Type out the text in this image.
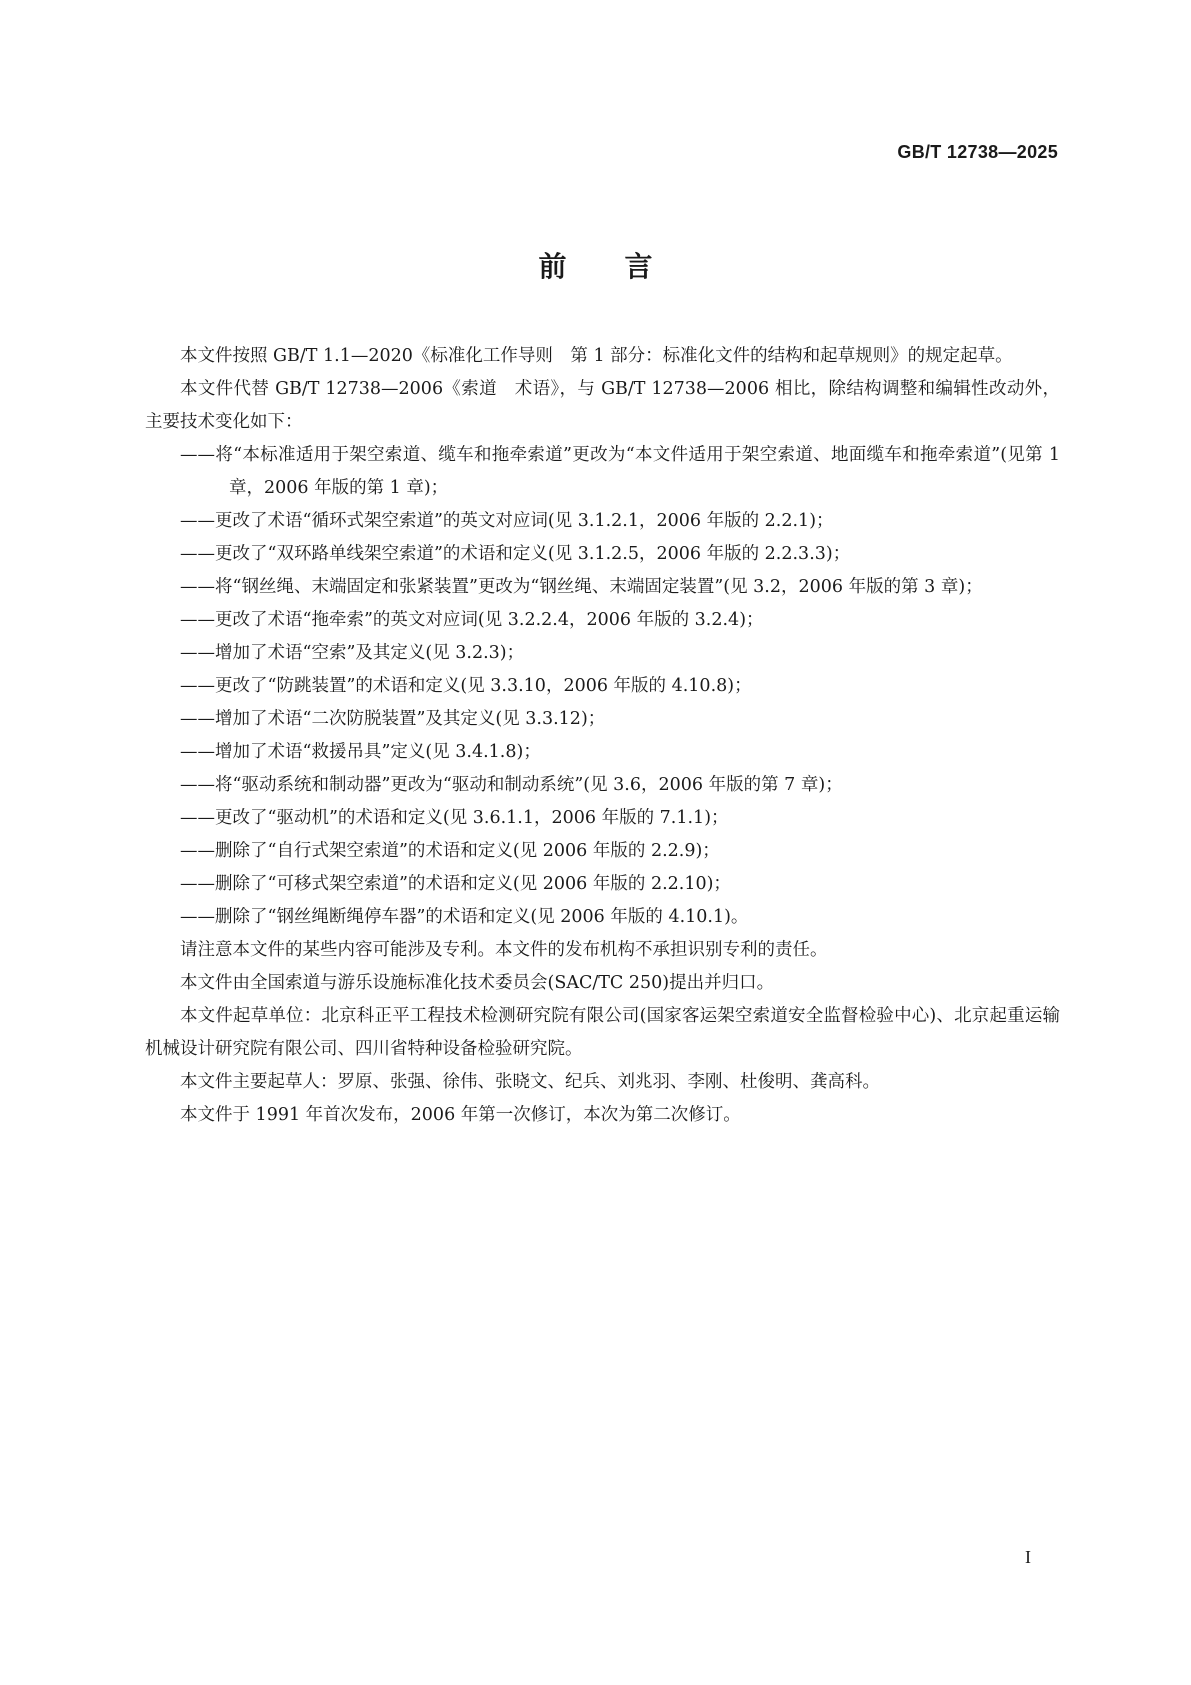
GB/T 12738—2025
前言

本文件按照 GB/T 1.1—2020《标准化工作导则　第 1 部分：标准化文件的结构和起草规则》的规定起草。

本文件代替 GB/T 12738—2006《索道　术语》，与 GB/T 12738—2006 相比，除结构调整和编辑性改动外，主要技术变化如下：

——将“本标准适用于架空索道、缆车和拖牵索道”更改为“本文件适用于架空索道、地面缆车和拖牵索道”(见第 1 章，2006 年版的第 1 章)；

——更改了术语“循环式架空索道”的英文对应词(见 3.1.2.1，2006 年版的 2.2.1)；

——更改了“双环路单线架空索道”的术语和定义(见 3.1.2.5，2006 年版的 2.2.3.3)；

——将“钢丝绳、末端固定和张紧装置”更改为“钢丝绳、末端固定装置”(见 3.2，2006 年版的第 3 章)；

——更改了术语“拖牵索”的英文对应词(见 3.2.2.4，2006 年版的 3.2.4)；

——增加了术语“空索”及其定义(见 3.2.3)；

——更改了“防跳装置”的术语和定义(见 3.3.10，2006 年版的 4.10.8)；

——增加了术语“二次防脱装置”及其定义(见 3.3.12)；

——增加了术语“救援吊具”定义(见 3.4.1.8)；

——将“驱动系统和制动器”更改为“驱动和制动系统”(见 3.6，2006 年版的第 7 章)；

——更改了“驱动机”的术语和定义(见 3.6.1.1，2006 年版的 7.1.1)；

——删除了“自行式架空索道”的术语和定义(见 2006 年版的 2.2.9)；

——删除了“可移式架空索道”的术语和定义(见 2006 年版的 2.2.10)；

——删除了“钢丝绳断绳停车器”的术语和定义(见 2006 年版的 4.10.1)。

请注意本文件的某些内容可能涉及专利。本文件的发布机构不承担识别专利的责任。

本文件由全国索道与游乐设施标准化技术委员会(SAC/TC 250)提出并归口。

本文件起草单位：北京科正平工程技术检测研究院有限公司(国家客运架空索道安全监督检验中心)、北京起重运输机械设计研究院有限公司、四川省特种设备检验研究院。

本文件主要起草人：罗原、张强、徐伟、张晓文、纪兵、刘兆羽、李刚、杜俊明、龚高科。

本文件于 1991 年首次发布，2006 年第一次修订，本次为第二次修订。

I
